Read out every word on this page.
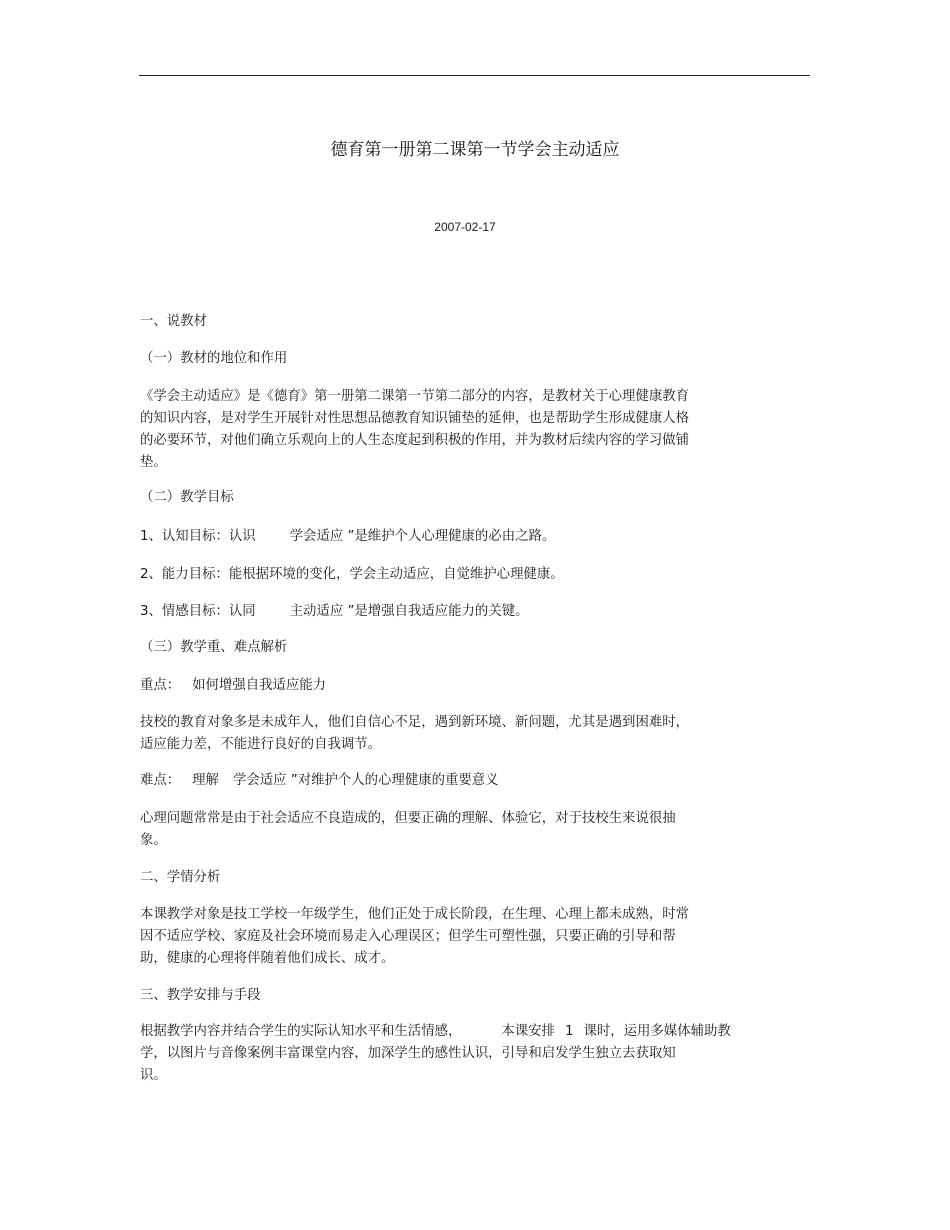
德育第一册第二课第一节学会主动适应
2007-02-17

一、说教材

（一）教材的地位和作用

《学会主动适应》是《德育》第一册第二课第一节第二部分的内容，是教材关于心理健康教育
的知识内容，是对学生开展针对性思想品德教育知识铺垫的延伸，也是帮助学生形成健康人格
的必要环节，对他们确立乐观向上的人生态度起到积极的作用，并为教材后续内容的学习做铺
垫。

（二）教学目标

1、认知目标：认识	学会适应 ”是维护个人心理健康的必由之路。

2、能力目标：能根据环境的变化，学会主动适应，自觉维护心理健康。

3、情感目标：认同	主动适应 ”是增强自我适应能力的关键。

（三）教学重、难点解析

重点： 如何增强自我适应能力

技校的教育对象多是未成年人，他们自信心不足，遇到新环境、新问题，尤其是遇到困难时，
适应能力差，不能进行良好的自我调节。

难点： 理解 学会适应 ”对维护个人的心理健康的重要意义

心理问题常常是由于社会适应不良造成的，但要正确的理解、体验它，对于技校生来说很抽
象。

二、学情分析

本课教学对象是技工学校一年级学生，他们正处于成长阶段，在生理、心理上都未成熟，时常
因不适应学校、家庭及社会环境而易走入心理误区；但学生可塑性强，只要正确的引导和帮
助，健康的心理将伴随着他们成长、成才。

三、教学安排与手段

根据教学内容并结合学生的实际认知水平和生活情感，	本课安排 1 课时，运用多媒体辅助教
学，以图片与音像案例丰富课堂内容，加深学生的感性认识，引导和启发学生独立去获取知
识。
